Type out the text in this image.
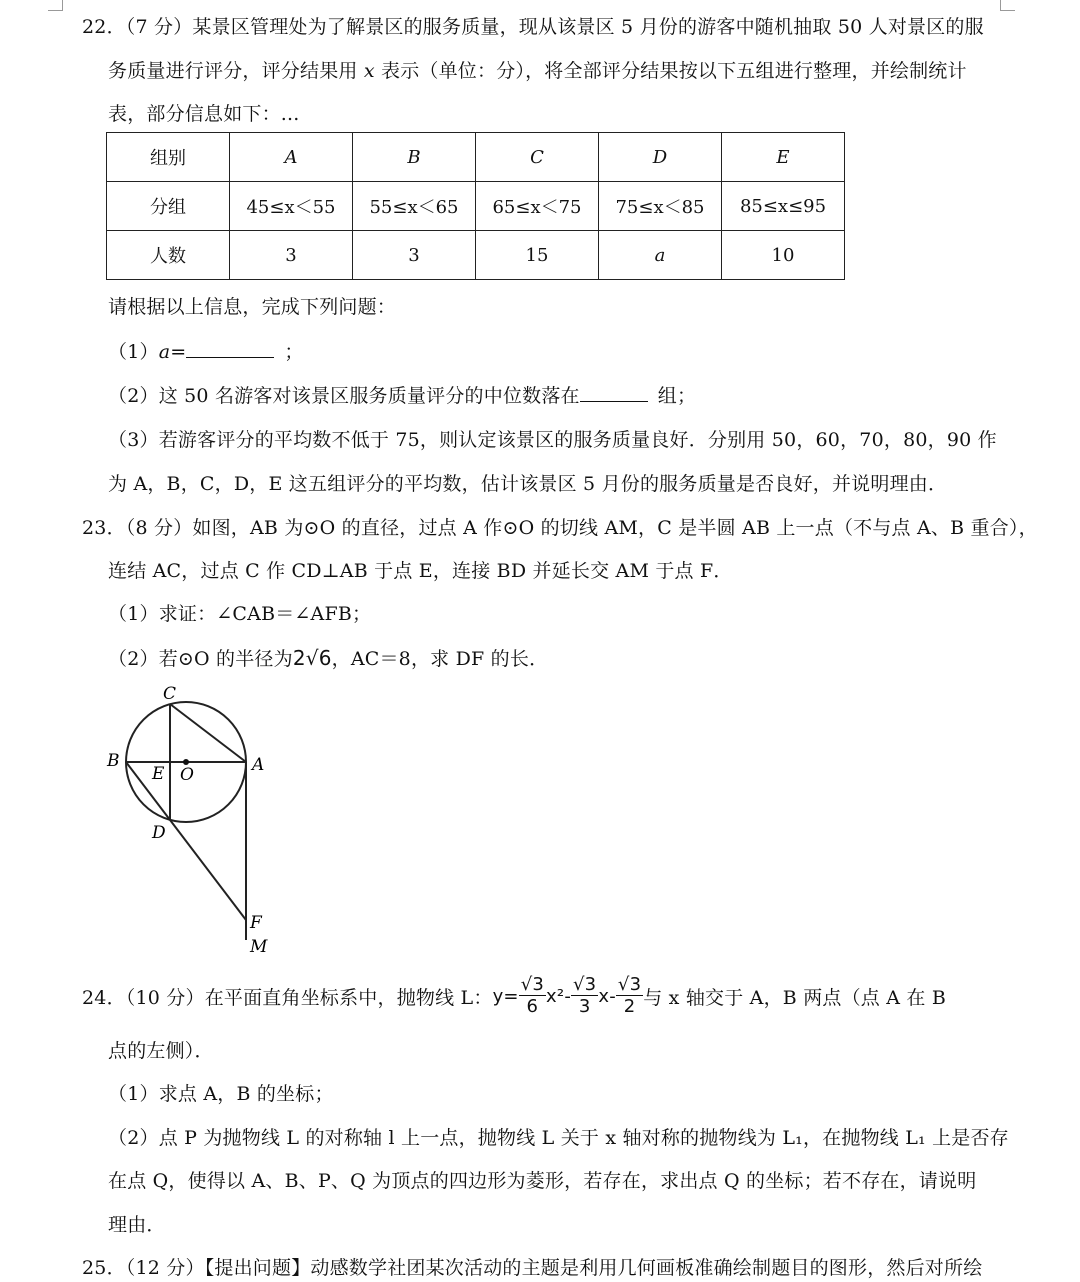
22．（7 分）某景区管理处为了解景区的服务质量，现从该景区 5 月份的游客中随机抽取 50 人对景区的服
务质量进行评分，评分结果用 x 表示（单位：分），将全部评分结果按以下五组进行整理，并绘制统计
表，部分信息如下：...
组别	A	B	C	D	E
分组	45≤x＜55	55≤x＜65	65≤x＜75	75≤x＜85	85≤x≤95
人数	3	3	15	a	10
请根据以上信息，完成下列问题：
（1）a=	；
（2）这 50 名游客对该景区服务质量评分的中位数落在	组；
（3）若游客评分的平均数不低于 75，则认定该景区的服务质量良好．分别用 50，60，70，80，90 作
为 A，B，C，D，E 这五组评分的平均数，估计该景区 5 月份的服务质量是否良好，并说明理由．
23．（8 分）如图，AB 为⊙O 的直径，过点 A 作⊙O 的切线 AM，C 是半圆 AB 上一点（不与点 A、B 重合），
连结 AC，过点 C 作 CD⊥AB 于点 E，连接 BD 并延长交 AM 于点 F．
（1）求证：∠CAB＝∠AFB；
（2）若⊙O 的半径为2√6，AC＝8，求 DF 的长．
C
B
E O	A
D
F
M
24．（10 分）在平面直角坐标系中，抛物线 L： $y= \frac{√3}{6} x^2 - \frac{√3}{3}$ x - $\frac{√3}{2}$ 与 x 轴交于 A，B 两点（点 A 在 B
点的左侧）．
（1）求点 A，B 的坐标；
（2）点 P 为抛物线 L 的对称轴 l 上一点，抛物线 L 关于 x 轴对称的抛物线为 L₁，在抛物线 L₁ 上是否存
在点 Q，使得以 A、B、P、Q 为顶点的四边形为菱形，若存在，求出点 Q 的坐标；若不存在，请说明
理由．
25．（12 分）【提出问题】动感数学社团某次活动的主题是利用几何画板准确绘制题目的图形，然后对所绘
